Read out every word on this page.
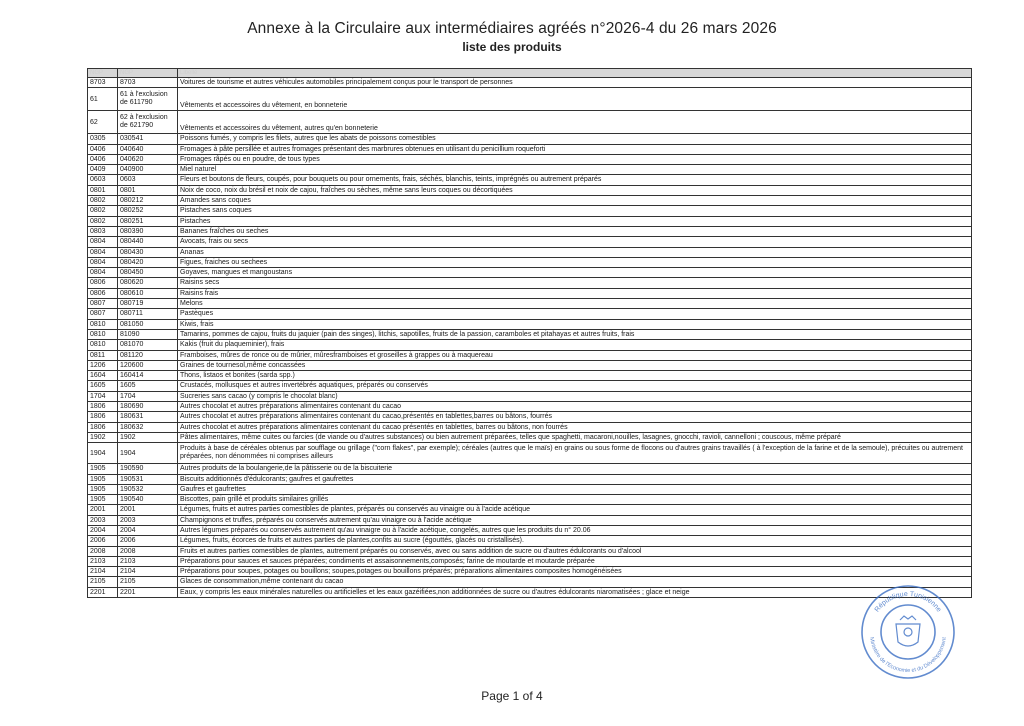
Annexe à la Circulaire aux intermédiaires agréés n°2026-4 du 26 mars 2026
liste des produits
NGP	NGP	Libellé
8703	8703	Voitures de tourisme et autres véhicules automobiles principalement conçus pour le transport de personnes
61	61 à l'exclusion de 611790	Vêtements et accessoires du vêtement, en bonneterie
62	62 à l'exclusion de 621790	Vêtements et accessoires du vêtement, autres qu'en bonneterie
0305	030541	Poissons fumés, y compris les filets, autres que les abats de poissons comestibles
0406	040640	Fromages à pâte persillée et autres fromages présentant des marbrures obtenues en utilisant du penicillium roqueforti
0406	040620	Fromages râpés ou en poudre, de tous types
0409	040900	Miel naturel
0603	0603	Fleurs et boutons de fleurs, coupés, pour bouquets ou pour ornements, frais, séchés, blanchis, teints, imprégnés ou autrement préparés
0801	0801	Noix de coco, noix du brésil et noix de cajou, fraîches ou sèches, même sans leurs coques ou décortiquées
0802	080212	Amandes sans coques
0802	080252	Pistaches sans coques
0802	080251	Pistaches
0803	080390	Bananes fraîches ou seches
0804	080440	Avocats, frais ou secs
0804	080430	Ananas
0804	080420	Figues, fraiches ou sechees
0804	080450	Goyaves, mangues et mangoustans
0806	080620	Raisins secs
0806	080610	Raisins frais
0807	080719	Melons
0807	080711	Pastèques
0810	081050	Kiwis, frais
0810	81090	Tamarins, pommes de cajou, fruits du jaquier (pain des singes), litchis, sapotilles, fruits de la passion, caramboles et pitahayas et autres fruits, frais
0810	081070	Kakis (fruit du plaqueminier), frais
0811	081120	Framboises, mûres de ronce ou de mûrier, mûresframboises et groseilles à grappes ou à maquereau
1206	120600	Graines de tournesol,même concassées
1604	160414	Thons, listaos et bonites (sarda spp.)
1605	1605	Crustacés, mollusques et autres invertébrés aquatiques, préparés ou conservés
1704	1704	Sucreries sans cacao (y compris le chocolat blanc)
1806	180690	Autres chocolat et autres préparations alimentaires contenant du cacao
1806	180631	Autres chocolat et autres préparations alimentaires contenant du cacao,présentés en tablettes,barres ou bâtons, fourrés
1806	180632	Autres chocolat et autres préparations alimentaires contenant du cacao présentés en tablettes, barres ou bâtons, non fourrés
1902	1902	Pâtes alimentaires, même cuites ou farcies (de viande ou d'autres substances) ou bien autrement préparées, telles que spaghetti, macaroni,nouilles, lasagnes, gnocchi, ravioli, cannelloni ; couscous, même préparé
1904	1904	Produits à base de céréales obtenus par soufflage ou grillage ("corn flakes", par exemple); céréales (autres que le maïs) en grains ou sous forme de flocons ou d'autres grains travaillés ( à l'exception de la farine et de la semoule), précuites ou autrement préparées, non dénommées ni comprises ailleurs
1905	190590	Autres produits de la boulangerie,de la pâtisserie ou de la biscuiterie
1905	190531	Biscuits additionnés d'édulcorants; gaufres et gaufrettes
1905	190532	Gaufres et gaufrettes
1905	190540	Biscottes, pain grillé et produits similaires grillés
2001	2001	Légumes, fruits et autres parties comestibles de plantes, préparés ou conservés au vinaigre ou à l'acide acétique
2003	2003	Champignons et truffes, préparés ou conservés autrement qu'au vinaigre ou à l'acide acétique
2004	2004	Autres légumes préparés ou conservés autrement qu'au vinaigre ou à l'acide acétique, congelés, autres que les produits du n° 20.06
2006	2006	Légumes, fruits, écorces de fruits et autres parties de plantes,confits au sucre (égouttés, glacés ou cristallisés).
2008	2008	Fruits et autres parties comestibles de plantes, autrement préparés ou conservés, avec ou sans addition de sucre ou d'autres édulcorants ou d'alcool
2103	2103	Préparations pour sauces et sauces préparées; condiments et assaisonnements,composés; farine de moutarde et moutarde préparée
2104	2104	Préparations pour soupes, potages ou bouillons; soupes,potages ou bouillons préparés; préparations alimentaires composites homogénéisées
2105	2105	Glaces de consommation,même contenant du cacao
2201	2201	Eaux, y compris les eaux minérales naturelles ou artificielles et les eaux gazéifiées,non additionnées de sucre ou d'autres édulcorants niaromatisées ; glace et neige
République Tunisienne
Ministère de l'Economie et du Développement
Page 1 of 4
